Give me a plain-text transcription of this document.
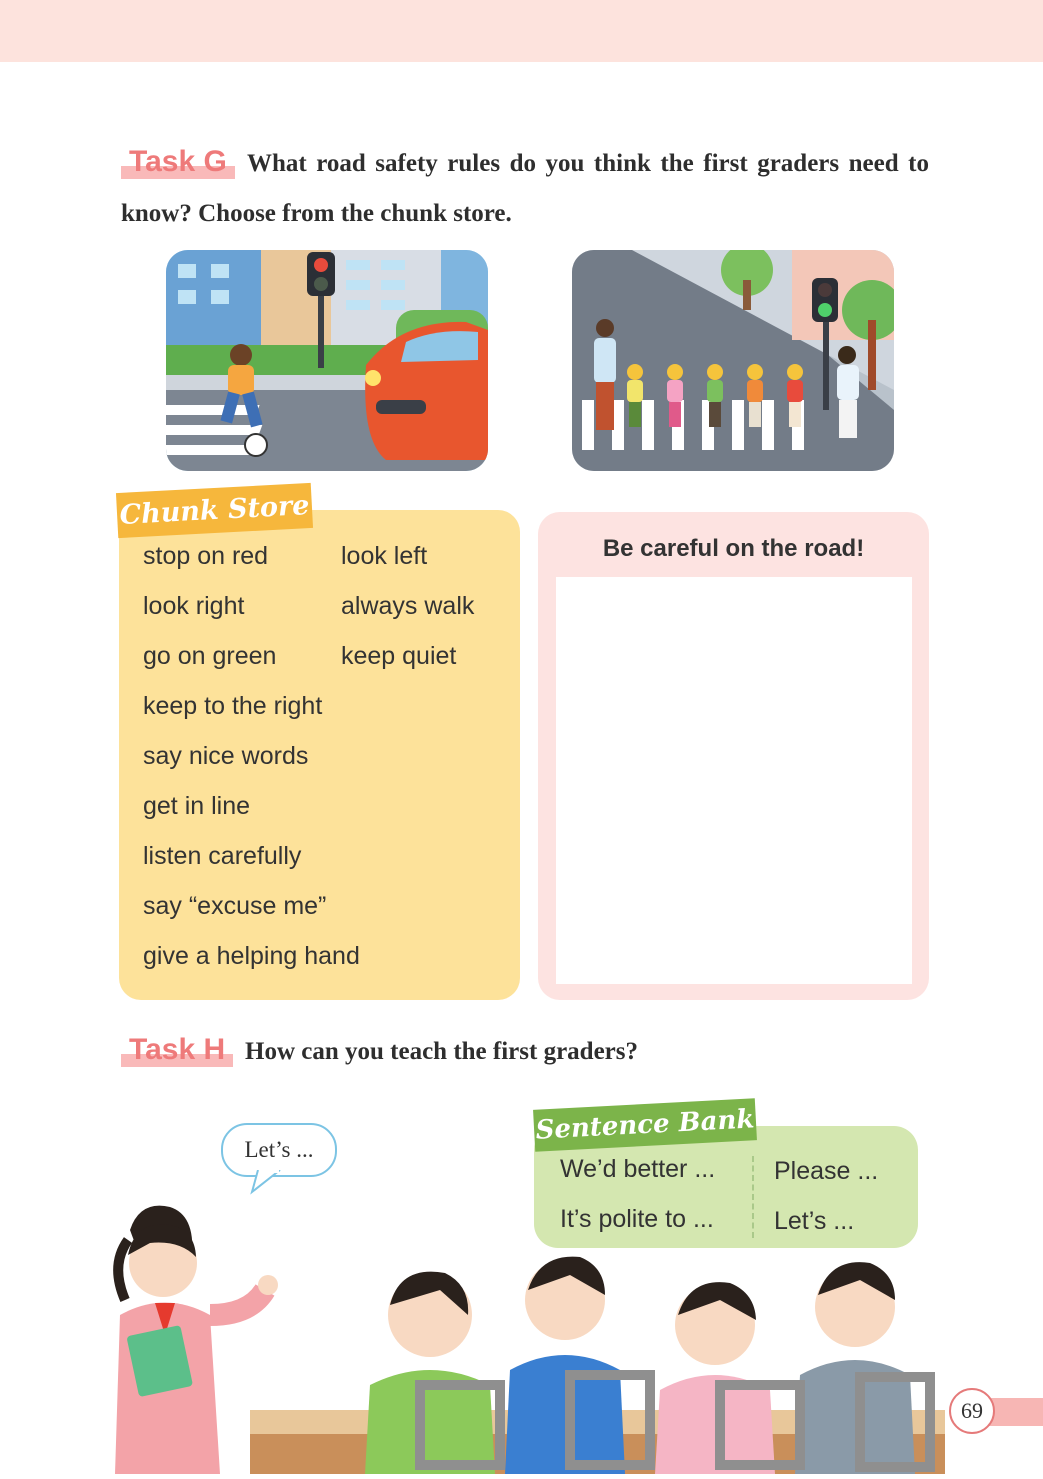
Task G What road safety rules do you think the first graders need to
know? Choose from the chunk store.
Chunk Store
stop on red
look right
go on green
keep to the right
say nice words
get in line
listen carefully
say “excuse me”
give a helping hand
look left
always walk
keep quiet
Be careful on the road!
Task H How can you teach the first graders?
Let’s ...
Sentence Bank
We’d better ...
It’s polite to ...
Please ...
Let’s ...
69
